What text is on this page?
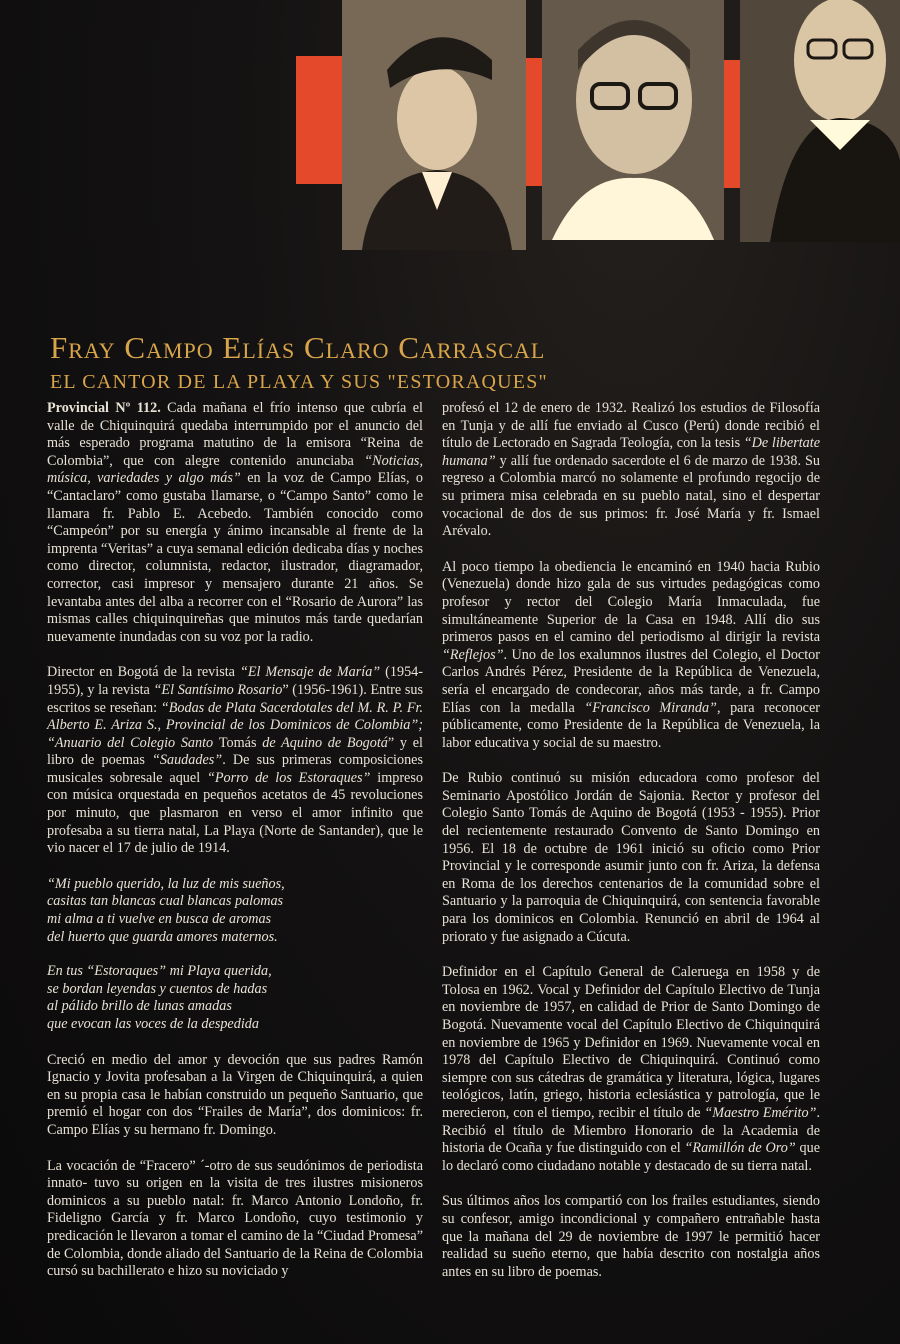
Fray Campo Elías Claro Carrascal
EL CANTOR DE LA PLAYA Y SUS "ESTORAQUES"

Provincial Nº 112. Cada mañana el frío intenso que cubría el valle de Chiquinquirá quedaba interrumpido por el anuncio del más esperado programa matutino de la emisora “Reina de Colombia”, que con alegre contenido anunciaba “Noticias, música, variedades y algo más” en la voz de Campo Elías, o “Cantaclaro” como gustaba llamarse, o “Campo Santo” como le llamara fr. Pablo E. Acebedo. También conocido como “Campeón” por su energía y ánimo incansable al frente de la imprenta “Veritas” a cuya semanal edición dedicaba días y noches como director, columnista, redactor, ilustrador, diagramador, corrector, casi impresor y mensajero durante 21 años. Se levantaba antes del alba a recorrer con el “Rosario de Aurora” las mismas calles chiquinquireñas que minutos más tarde quedarían nuevamente inundadas con su voz por la radio.

Director en Bogotá de la revista “El Mensaje de María” (1954-1955), y la revista “El Santísimo Rosario” (1956-1961). Entre sus escritos se reseñan: “Bodas de Plata Sacerdotales del M. R. P. Fr. Alberto E. Ariza S., Provincial de los Dominicos de Colombia”; “Anuario del Colegio Santo Tomás de Aquino de Bogotá” y el libro de poemas “Saudades”. De sus primeras composiciones musicales sobresale aquel “Porro de los Estoraques” impreso con música orquestada en pequeños acetatos de 45 revoluciones por minuto, que plasmaron en verso el amor infinito que profesaba a su tierra natal, La Playa (Norte de Santander), que le vio nacer el 17 de julio de 1914.

“Mi pueblo querido, la luz de mis sueños,
casitas tan blancas cual blancas palomas
mi alma a ti vuelve en busca de aromas
del huerto que guarda amores maternos.
En tus “Estoraques” mi Playa querida,
se bordan leyendas y cuentos de hadas
al pálido brillo de lunas amadas
que evocan las voces de la despedida

Creció en medio del amor y devoción que sus padres Ramón Ignacio y Jovita profesaban a la Virgen de Chiquinquirá, a quien en su propia casa le habían construido un pequeño Santuario, que premió el hogar con dos “Frailes de María”, dos dominicos: fr. Campo Elías y su hermano fr. Domingo.

La vocación de “Fracero” ´-otro de sus seudónimos de periodista innato- tuvo su origen en la visita de tres ilustres misioneros dominicos a su pueblo natal: fr. Marco Antonio Londoño, fr. Fideligno García y fr. Marco Londoño, cuyo testimonio y predicación le llevaron a tomar el camino de la “Ciudad Promesa” de Colombia, donde aliado del Santuario de la Reina de Colombia cursó su bachillerato e hizo su noviciado y

profesó el 12 de enero de 1932. Realizó los estudios de Filosofía en Tunja y de allí fue enviado al Cusco (Perú) donde recibió el título de Lectorado en Sagrada Teología, con la tesis “De libertate humana” y allí fue ordenado sacerdote el 6 de marzo de 1938. Su regreso a Colombia marcó no solamente el profundo regocijo de su primera misa celebrada en su pueblo natal, sino el despertar vocacional de dos de sus primos: fr. José María y fr. Ismael Arévalo.

Al poco tiempo la obediencia le encaminó en 1940 hacia Rubio (Venezuela) donde hizo gala de sus virtudes pedagógicas como profesor y rector del Colegio María Inmaculada, fue simultáneamente Superior de la Casa en 1948. Allí dio sus primeros pasos en el camino del periodismo al dirigir la revista “Reflejos”. Uno de los exalumnos ilustres del Colegio, el Doctor Carlos Andrés Pérez, Presidente de la República de Venezuela, sería el encargado de condecorar, años más tarde, a fr. Campo Elías con la medalla “Francisco Miranda”, para reconocer públicamente, como Presidente de la República de Venezuela, la labor educativa y social de su maestro.

De Rubio continuó su misión educadora como profesor del Seminario Apostólico Jordán de Sajonia. Rector y profesor del Colegio Santo Tomás de Aquino de Bogotá (1953 - 1955). Prior del recientemente restaurado Convento de Santo Domingo en 1956. El 18 de octubre de 1961 inició su oficio como Prior Provincial y le corresponde asumir junto con fr. Ariza, la defensa en Roma de los derechos centenarios de la comunidad sobre el Santuario y la parroquia de Chiquinquirá, con sentencia favorable para los dominicos en Colombia. Renunció en abril de 1964 al priorato y fue asignado a Cúcuta.

Definidor en el Capítulo General de Caleruega en 1958 y de Tolosa en 1962. Vocal y Definidor del Capítulo Electivo de Tunja en noviembre de 1957, en calidad de Prior de Santo Domingo de Bogotá. Nuevamente vocal del Capítulo Electivo de Chiquinquirá en noviembre de 1965 y Definidor en 1969. Nuevamente vocal en 1978 del Capítulo Electivo de Chiquinquirá. Continuó como siempre con sus cátedras de gramática y literatura, lógica, lugares teológicos, latín, griego, historia eclesiástica y patrología, que le merecieron, con el tiempo, recibir el título de “Maestro Emérito”. Recibió el título de Miembro Honorario de la Academia de historia de Ocaña y fue distinguido con el “Ramillón de Oro” que lo declaró como ciudadano notable y destacado de su tierra natal.

Sus últimos años los compartió con los frailes estudiantes, siendo su confesor, amigo incondicional y compañero entrañable hasta que la mañana del 29 de noviembre de 1997 le permitió hacer realidad su sueño eterno, que había descrito con nostalgia años antes en su libro de poemas.
